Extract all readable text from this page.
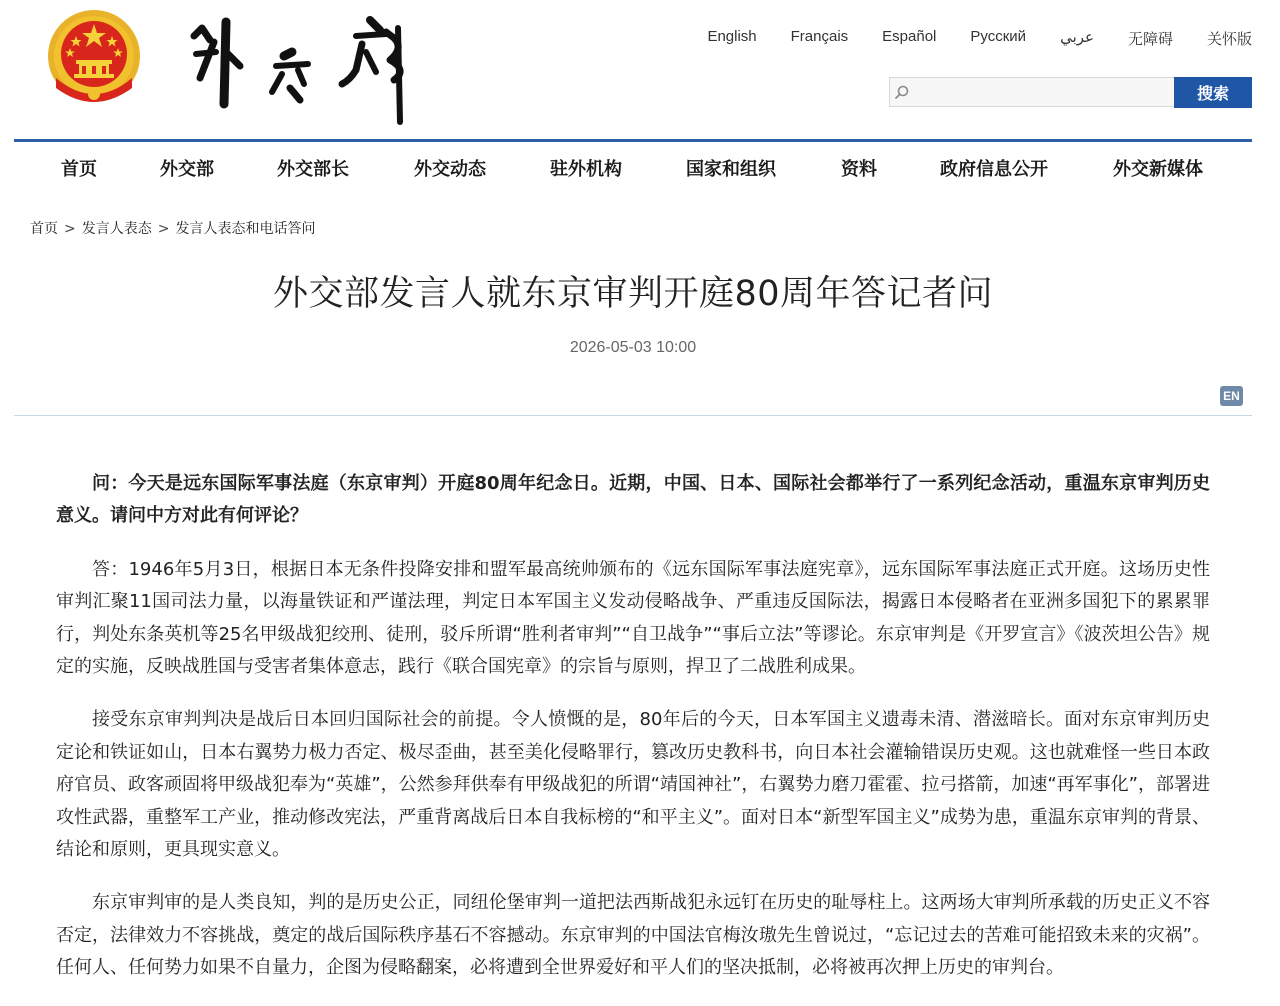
English Français Español Русский عربي 无障碍 关怀版
搜索
首页	外交部	外交部长	外交动态	驻外机构	国家和组织	资料	政府信息公开	外交新媒体
首页 > 发言人表态 > 发言人表态和电话答问
外交部发言人就东京审判开庭80周年答记者问
2026-05-03 10:00
EN

问：今天是远东国际军事法庭（东京审判）开庭80周年纪念日。近期，中国、日本、国际社会都举行了一系列纪念活动，重温东京审判历史意义。请问中方对此有何评论？

答：1946年5月3日，根据日本无条件投降安排和盟军最高统帅颁布的《远东国际军事法庭宪章》，远东国际军事法庭正式开庭。这场历史性审判汇聚11国司法力量，以海量铁证和严谨法理，判定日本军国主义发动侵略战争、严重违反国际法，揭露日本侵略者在亚洲多国犯下的累累罪行，判处东条英机等25名甲级战犯绞刑、徒刑，驳斥所谓“胜利者审判”“自卫战争”“事后立法”等谬论。东京审判是《开罗宣言》《波茨坦公告》规定的实施，反映战胜国与受害者集体意志，践行《联合国宪章》的宗旨与原则，捍卫了二战胜利成果。

接受东京审判判决是战后日本回归国际社会的前提。令人愤慨的是，80年后的今天，日本军国主义遗毒未清、潜滋暗长。面对东京审判历史定论和铁证如山，日本右翼势力极力否定、极尽歪曲，甚至美化侵略罪行，篡改历史教科书，向日本社会灌输错误历史观。这也就难怪一些日本政府官员、政客顽固将甲级战犯奉为“英雄”，公然参拜供奉有甲级战犯的所谓“靖国神社”，右翼势力磨刀霍霍、拉弓搭箭，加速“再军事化”，部署进攻性武器，重整军工产业，推动修改宪法，严重背离战后日本自我标榜的“和平主义”。面对日本“新型军国主义”成势为患，重温东京审判的背景、结论和原则，更具现实意义。

东京审判审的是人类良知，判的是历史公正，同纽伦堡审判一道把法西斯战犯永远钉在历史的耻辱柱上。这两场大审判所承载的历史正义不容否定，法律效力不容挑战，奠定的战后国际秩序基石不容撼动。东京审判的中国法官梅汝璈先生曾说过，“忘记过去的苦难可能招致未来的灾祸”。任何人、任何势力如果不自量力，企图为侵略翻案，必将遭到全世界爱好和平人们的坚决抵制，必将被再次押上历史的审判台。
